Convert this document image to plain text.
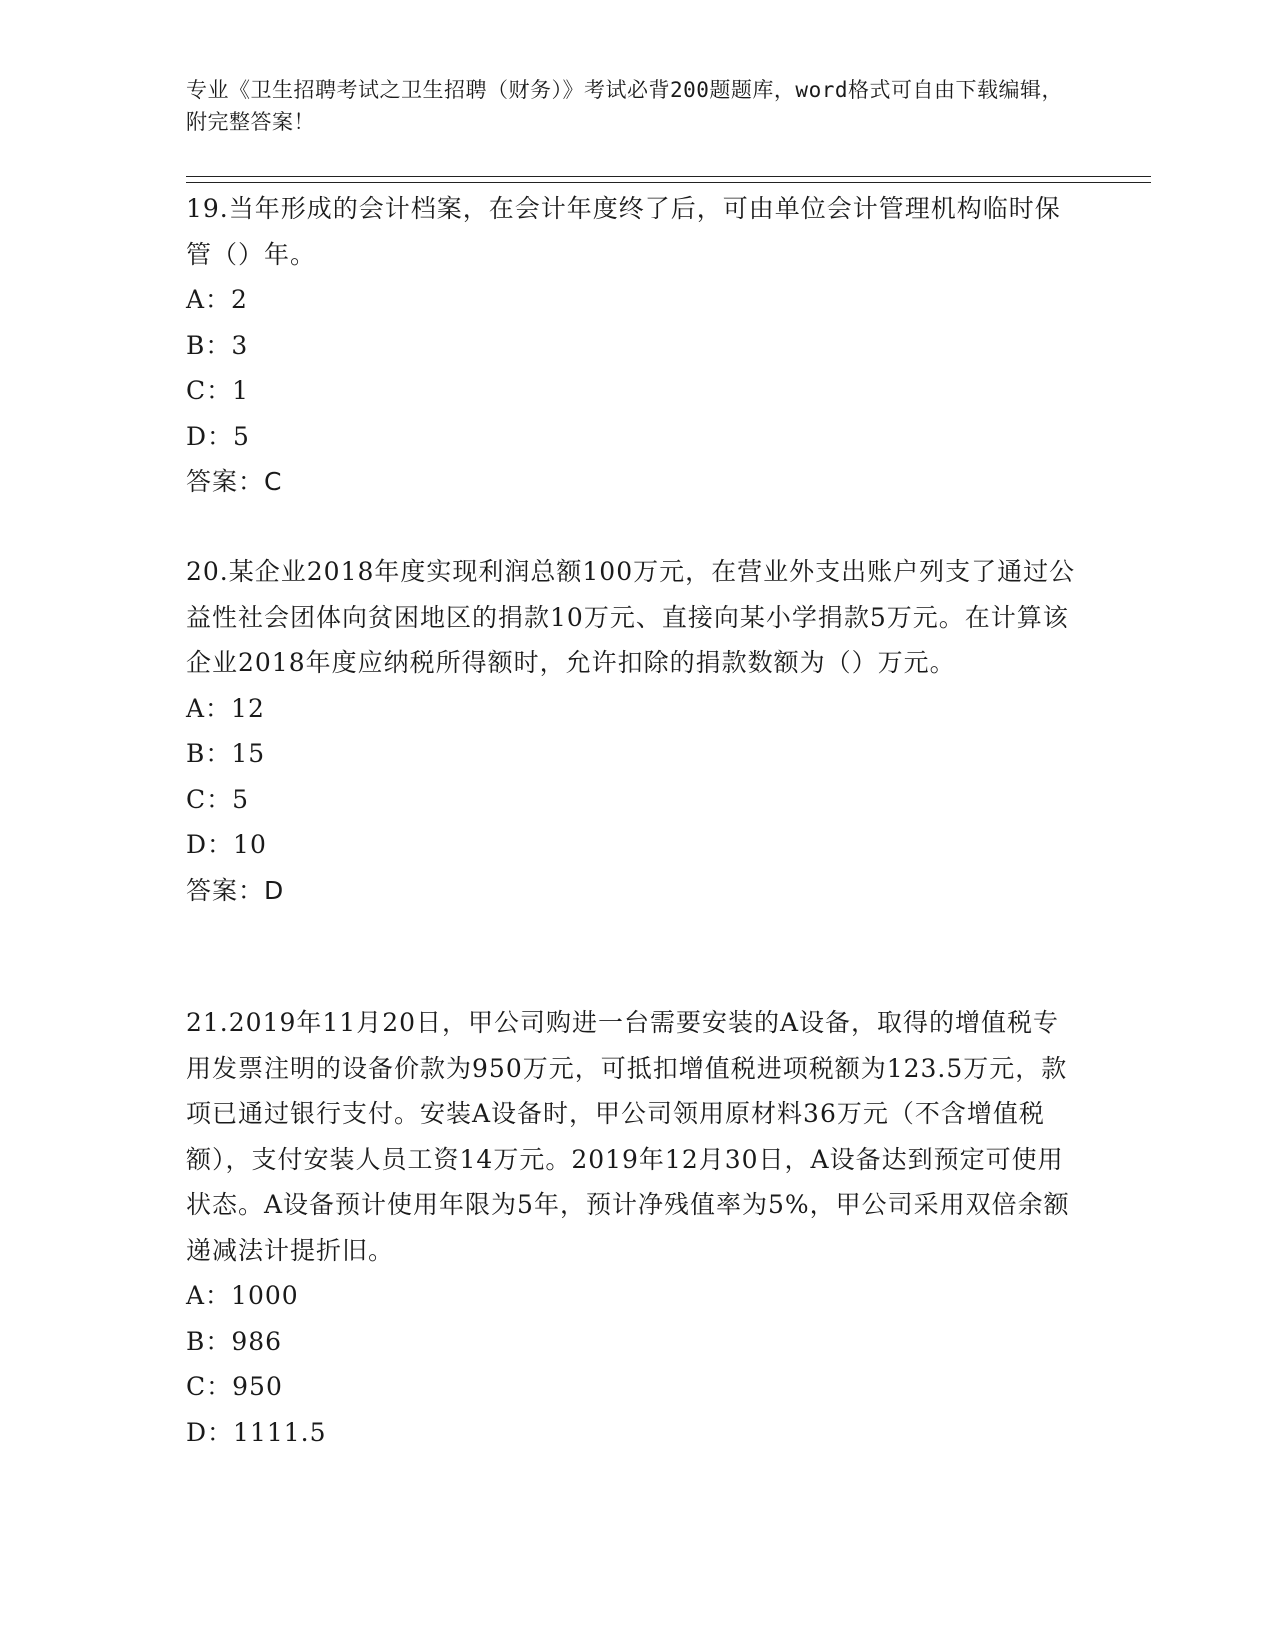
专业《卫生招聘考试之卫生招聘（财务）》考试必背200题题库，word格式可自由下载编辑，附完整答案！

19.当年形成的会计档案，在会计年度终了后，可由单位会计管理机构临时保管（）年。

A：2

B：3

C：1

D：5

答案：C

20.某企业2018年度实现利润总额100万元，在营业外支出账户列支了通过公益性社会团体向贫困地区的捐款10万元、直接向某小学捐款5万元。在计算该企业2018年度应纳税所得额时，允许扣除的捐款数额为（）万元。

A：12

B：15

C：5

D：10

答案：D

21.2019年11月20日，甲公司购进一台需要安装的A设备，取得的增值税专用发票注明的设备价款为950万元，可抵扣增值税进项税额为123.5万元，款项已通过银行支付。安装A设备时，甲公司领用原材料36万元（不含增值税额），支付安装人员工资14万元。2019年12月30日，A设备达到预定可使用状态。A设备预计使用年限为5年，预计净残值率为5%，甲公司采用双倍余额递减法计提折旧。

A：1000

B：986

C：950

D：1111.5
